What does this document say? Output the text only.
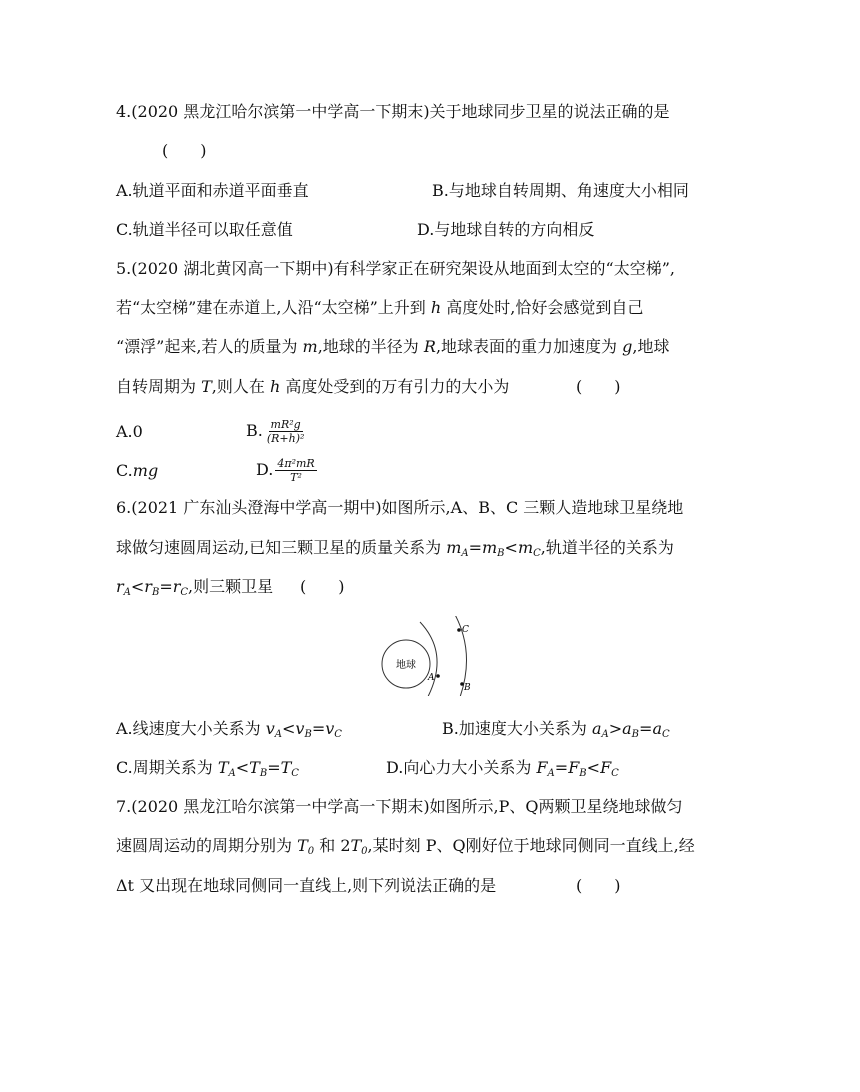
4.(2020 黑龙江哈尔滨第一中学高一下期末)关于地球同步卫星的说法正确的是
(　　)
A.轨道平面和赤道平面垂直	B.与地球自转周期、角速度大小相同
C.轨道半径可以取任意值	D.与地球自转的方向相反
5.(2020 湖北黄冈高一下期中)有科学家正在研究架设从地面到太空的“太空梯”,
若“太空梯”建在赤道上,人沿“太空梯”上升到 h 高度处时,恰好会感觉到自己
“漂浮”起来,若人的质量为 m,地球的半径为 R,地球表面的重力加速度为 g,地球
自转周期为 T,则人在 h 高度处受到的万有引力的大小为	(　　)
A.0	B. $\frac{\text{mR²g}}{\text{(R+h)²}}$
C.mg	D. $\frac{\text{4π²mR}}{\text{T²}}$
6.(2021 广东汕头澄海中学高一期中)如图所示,A、B、C 三颗人造地球卫星绕地
球做匀速圆周运动,已知三颗卫星的质量关系为 $m_A=m_B<m_C$,轨道半径的关系为
$r_A<r_B=r_C$,则三颗卫星 (　　)
地球
A
B
C
A.线速度大小关系为 $v_A<v_B=v_C$	B.加速度大小关系为 $a_A>a_B=a_C$
C.周期关系为 $T_A<T_B=T_C$	D.向心力大小关系为 $F_A=F_B<F_C$
7.(2020 黑龙江哈尔滨第一中学高一下期末)如图所示,P、Q两颗卫星绕地球做匀
速圆周运动的周期分别为 $T_0$ 和 $2T_0$,某时刻 P、Q刚好位于地球同侧同一直线上,经
Δt 又出现在地球同侧同一直线上,则下列说法正确的是	(　　)
